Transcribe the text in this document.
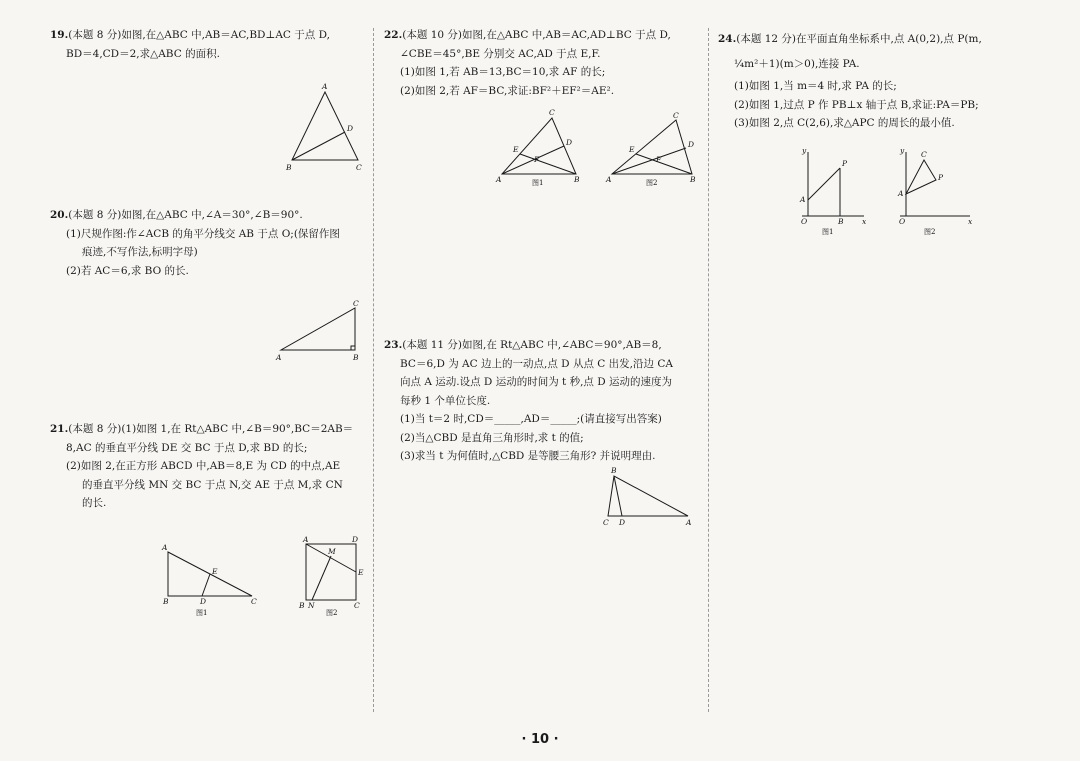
19.(本题 8 分)如图,在△ABC 中,AB＝AC,BD⊥AC 于点 D,

BD＝4,CD＝2,求△ABC 的面积.

A
B	C
D

20.(本题 8 分)如图,在△ABC 中,∠A＝30°,∠B＝90°.

(1)尺规作图:作∠ACB 的角平分线交 AB 于点 O;(保留作图

痕迹,不写作法,标明字母)

(2)若 AC＝6,求 BO 的长.

A	B
C

21.(本题 8 分)(1)如图 1,在 Rt△ABC 中,∠B＝90°,BC＝2AB＝

8,AC 的垂直平分线 DE 交 BC 于点 D,求 BD 的长;

(2)如图 2,在正方形 ABCD 中,AB＝8,E 为 CD 的中点,AE

的垂直平分线 MN 交 BC 于点 N,交 AE 于点 M,求 CN

的长.

A
B	C
D
E
图1
A	D
M
E
B N	C
图2

22.(本题 10 分)如图,在△ABC 中,AB＝AC,AD⊥BC 于点 D,

∠CBE＝45°,BE 分别交 AC,AD 于点 E,F.

(1)如图 1,若 AB＝13,BC＝10,求 AF 的长;

(2)如图 2,若 AF＝BC,求证:BF²＋EF²＝AE².

C
E
D
F
A	B
图1
C
E
D
F
A	B
图2

23.(本题 11 分)如图,在 Rt△ABC 中,∠ABC＝90°,AB＝8,

BC＝6,D 为 AC 边上的一动点,点 D 从点 C 出发,沿边 CA

向点 A 运动.设点 D 运动的时间为 t 秒,点 D 运动的速度为

每秒 1 个单位长度.

(1)当 t＝2 时,CD＝_____,AD＝_____;(请直接写出答案)

(2)当△CBD 是直角三角形时,求 t 的值;

(3)求当 t 为何值时,△CBD 是等腰三角形? 并说明理由.

B
C D	A

24.(本题 12 分)在平面直角坐标系中,点 A(0,2),点 P(m,

¼m²＋1)(m＞0),连接 PA.

(1)如图 1,当 m＝4 时,求 PA 的长;

(2)如图 1,过点 P 作 PB⊥x 轴于点 B,求证:PA＝PB;

(3)如图 2,点 C(2,6),求△APC 的周长的最小值.

y
x
O
A
B
P
图1
y
x
O
A
C
P
图2
· 10 ·
